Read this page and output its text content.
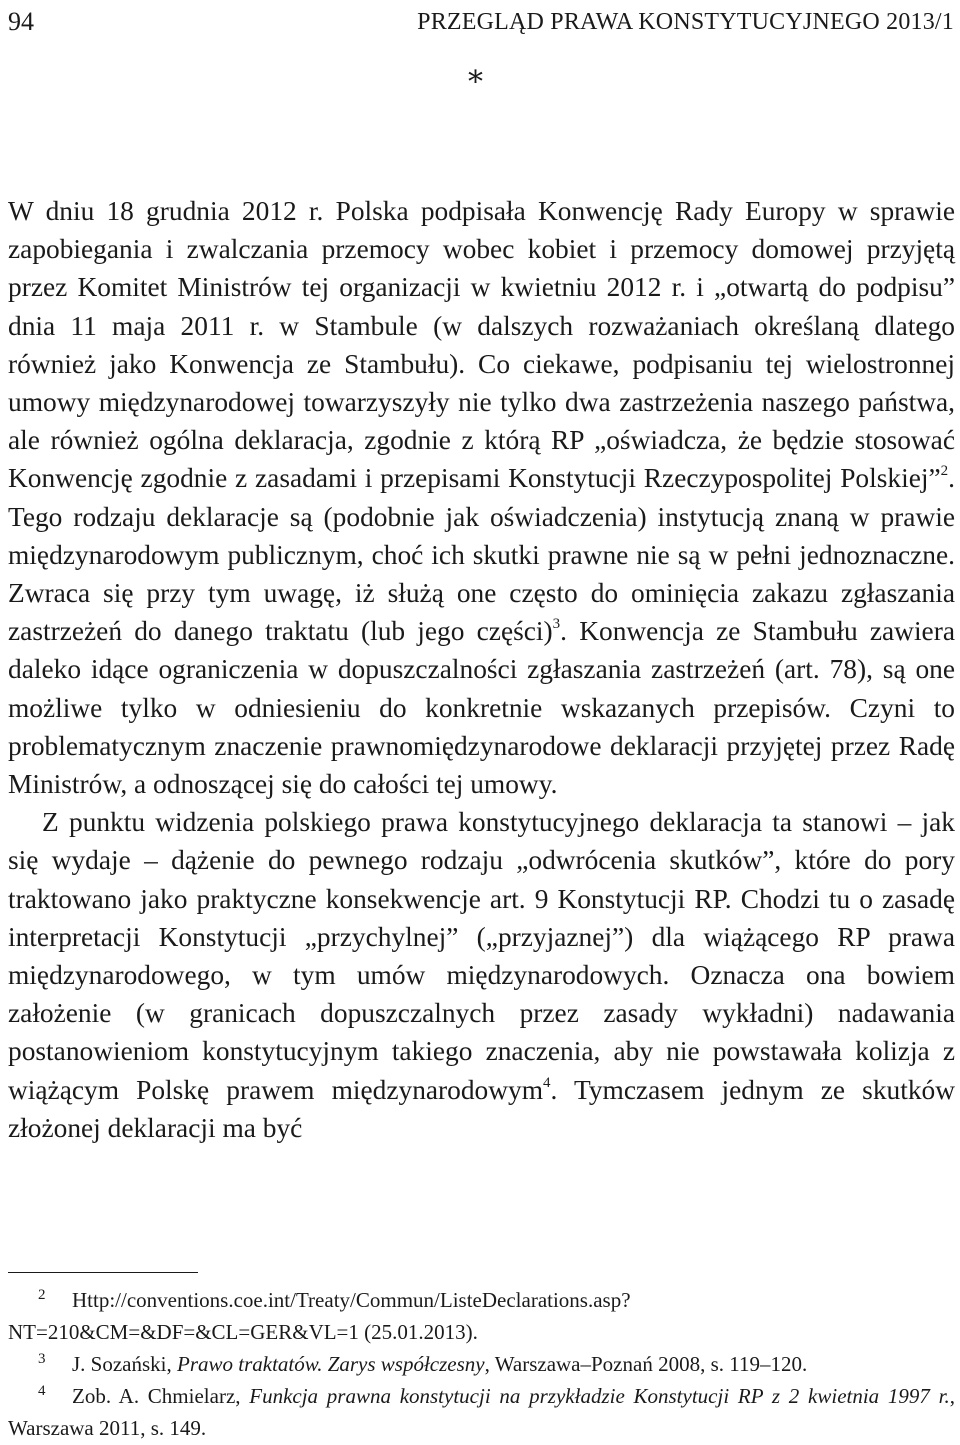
94	PRZEGLĄD PRAWA KONSTYTUCYJNEGO 2013/1
⁎

W dniu 18 grudnia 2012 r. Polska podpisała Konwencję Rady Europy w sprawie zapobiegania i zwalczania przemocy wobec kobiet i przemocy domowej przyjętą przez Komitet Ministrów tej organizacji w kwietniu 2012 r. i „otwartą do podpisu” dnia 11 maja 2011 r. w Stambule (w dalszych rozważaniach określaną dlatego również jako Konwencja ze Stambułu). Co ciekawe, podpisaniu tej wielostronnej umowy międzynarodowej towarzyszyły nie tylko dwa zastrzeżenia naszego państwa, ale również ogólna deklaracja, zgodnie z którą RP „oświadcza, że będzie stosować Konwencję zgodnie z zasadami i przepisami Konstytucji Rzeczypospolitej Polskiej”$^2$. Tego rodzaju deklaracje są (podobnie jak oświadczenia) instytucją znaną w prawie międzynarodowym publicznym, choć ich skutki prawne nie są w pełni jednoznaczne. Zwraca się przy tym uwagę, iż służą one często do ominięcia zakazu zgłaszania zastrzeżeń do danego traktatu (lub jego części)$^3$. Konwencja ze Stambułu zawiera daleko idące ograniczenia w dopuszczalności zgłaszania zastrzeżeń (art. 78), są one możliwe tylko w odniesieniu do konkretnie wskazanych przepisów. Czyni to problematycznym znaczenie prawnomiędzynarodowe deklaracji przyjętej przez Radę Ministrów, a odnoszącej się do całości tej umowy.

Z punktu widzenia polskiego prawa konstytucyjnego deklaracja ta stanowi – jak się wydaje – dążenie do pewnego rodzaju „odwrócenia skutków”, które do pory traktowano jako praktyczne konsekwencje art. 9 Konstytucji RP. Chodzi tu o zasadę interpretacji Konstytucji „przychylnej” („przyjaznej”) dla wiążącego RP prawa międzynarodowego, w tym umów międzynarodowych. Oznacza ona bowiem założenie (w granicach dopuszczalnych przez zasady wykładni) nadawania postanowieniom konstytucyjnym takiego znaczenia, aby nie powstawała kolizja z wiążącym Polskę prawem międzynarodowym$^4$. Tymczasem jednym ze skutków złożonej deklaracji ma być

2 Http://conventions.coe.int/Treaty/Commun/ListeDeclarations.asp? NT=210&CM=&DF=&CL=GER&VL=1 (25.01.2013).

3 J. Sozański, Prawo traktatów. Zarys współczesny, Warszawa–Poznań 2008, s. 119–120.

4 Zob. A. Chmielarz, Funkcja prawna konstytucji na przykładzie Konstytucji RP z 2 kwietnia 1997 r., Warszawa 2011, s. 149.
